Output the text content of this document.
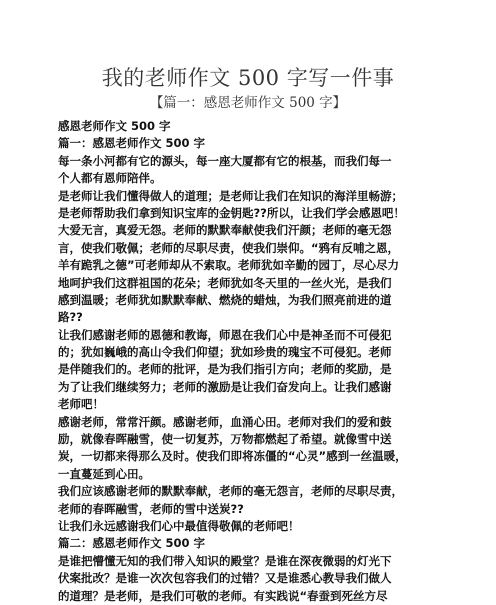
我的老师作文 500 字写一件事
【篇一：感恩老师作文 500 字】
感恩老师作文 500 字
篇一：感恩老师作文 500 字
每一条小河都有它的源头，每一座大厦都有它的根基，而我们每一
个人都有恩师陪伴。
是老师让我们懂得做人的道理；是老师让我们在知识的海洋里畅游；
是老师帮助我们拿到知识宝库的金钥匙??所以，让我们学会感恩吧！
大爱无言，真爱无怨。老师的默默奉献使我们汗颜；老师的毫无怨
言，使我们敬佩；老师的尽职尽责，使我们崇仰。“鸦有反哺之恩，
羊有跪乳之德”可老师却从不索取。老师犹如辛勤的园丁，尽心尽力
地呵护我们这群祖国的花朵；老师犹如冬天里的一丝火光，是我们
感到温暖；老师犹如默默奉献、燃烧的蜡烛，为我们照亮前进的道
路??
让我们感谢老师的恩德和教诲，师恩在我们心中是神圣而不可侵犯
的；犹如巍峨的高山令我们仰望；犹如珍贵的瑰宝不可侵犯。老师
是伴随我们的。老师的批评，是为我们指引方向；老师的奖励，是
为了让我们继续努力；老师的激励是让我们奋发向上。让我们感谢
老师吧！
感谢老师，常常汗颜。感谢老师，血涌心田。老师对我们的爱和鼓
励，就像春晖融雪，使一切复苏，万物都燃起了希望。就像雪中送
炭，一切都来得那么及时。使我们即将冻僵的“心灵”感到一丝温暖，
一直蔓延到心田。
我们应该感谢老师的默默奉献，老师的毫无怨言，老师的尽职尽责，
老师的春晖融雪，老师的雪中送炭??
让我们永远感谢我们心中最值得敬佩的老师吧！
篇二：感恩老师作文 500 字
是谁把懵懂无知的我们带入知识的殿堂？是谁在深夜微弱的灯光下
伏案批改？是谁一次次包容我们的过错？又是谁悉心教导我们做人
的道理？是老师，是我们可敬的老师。有实践说“春蚕到死丝方尽
